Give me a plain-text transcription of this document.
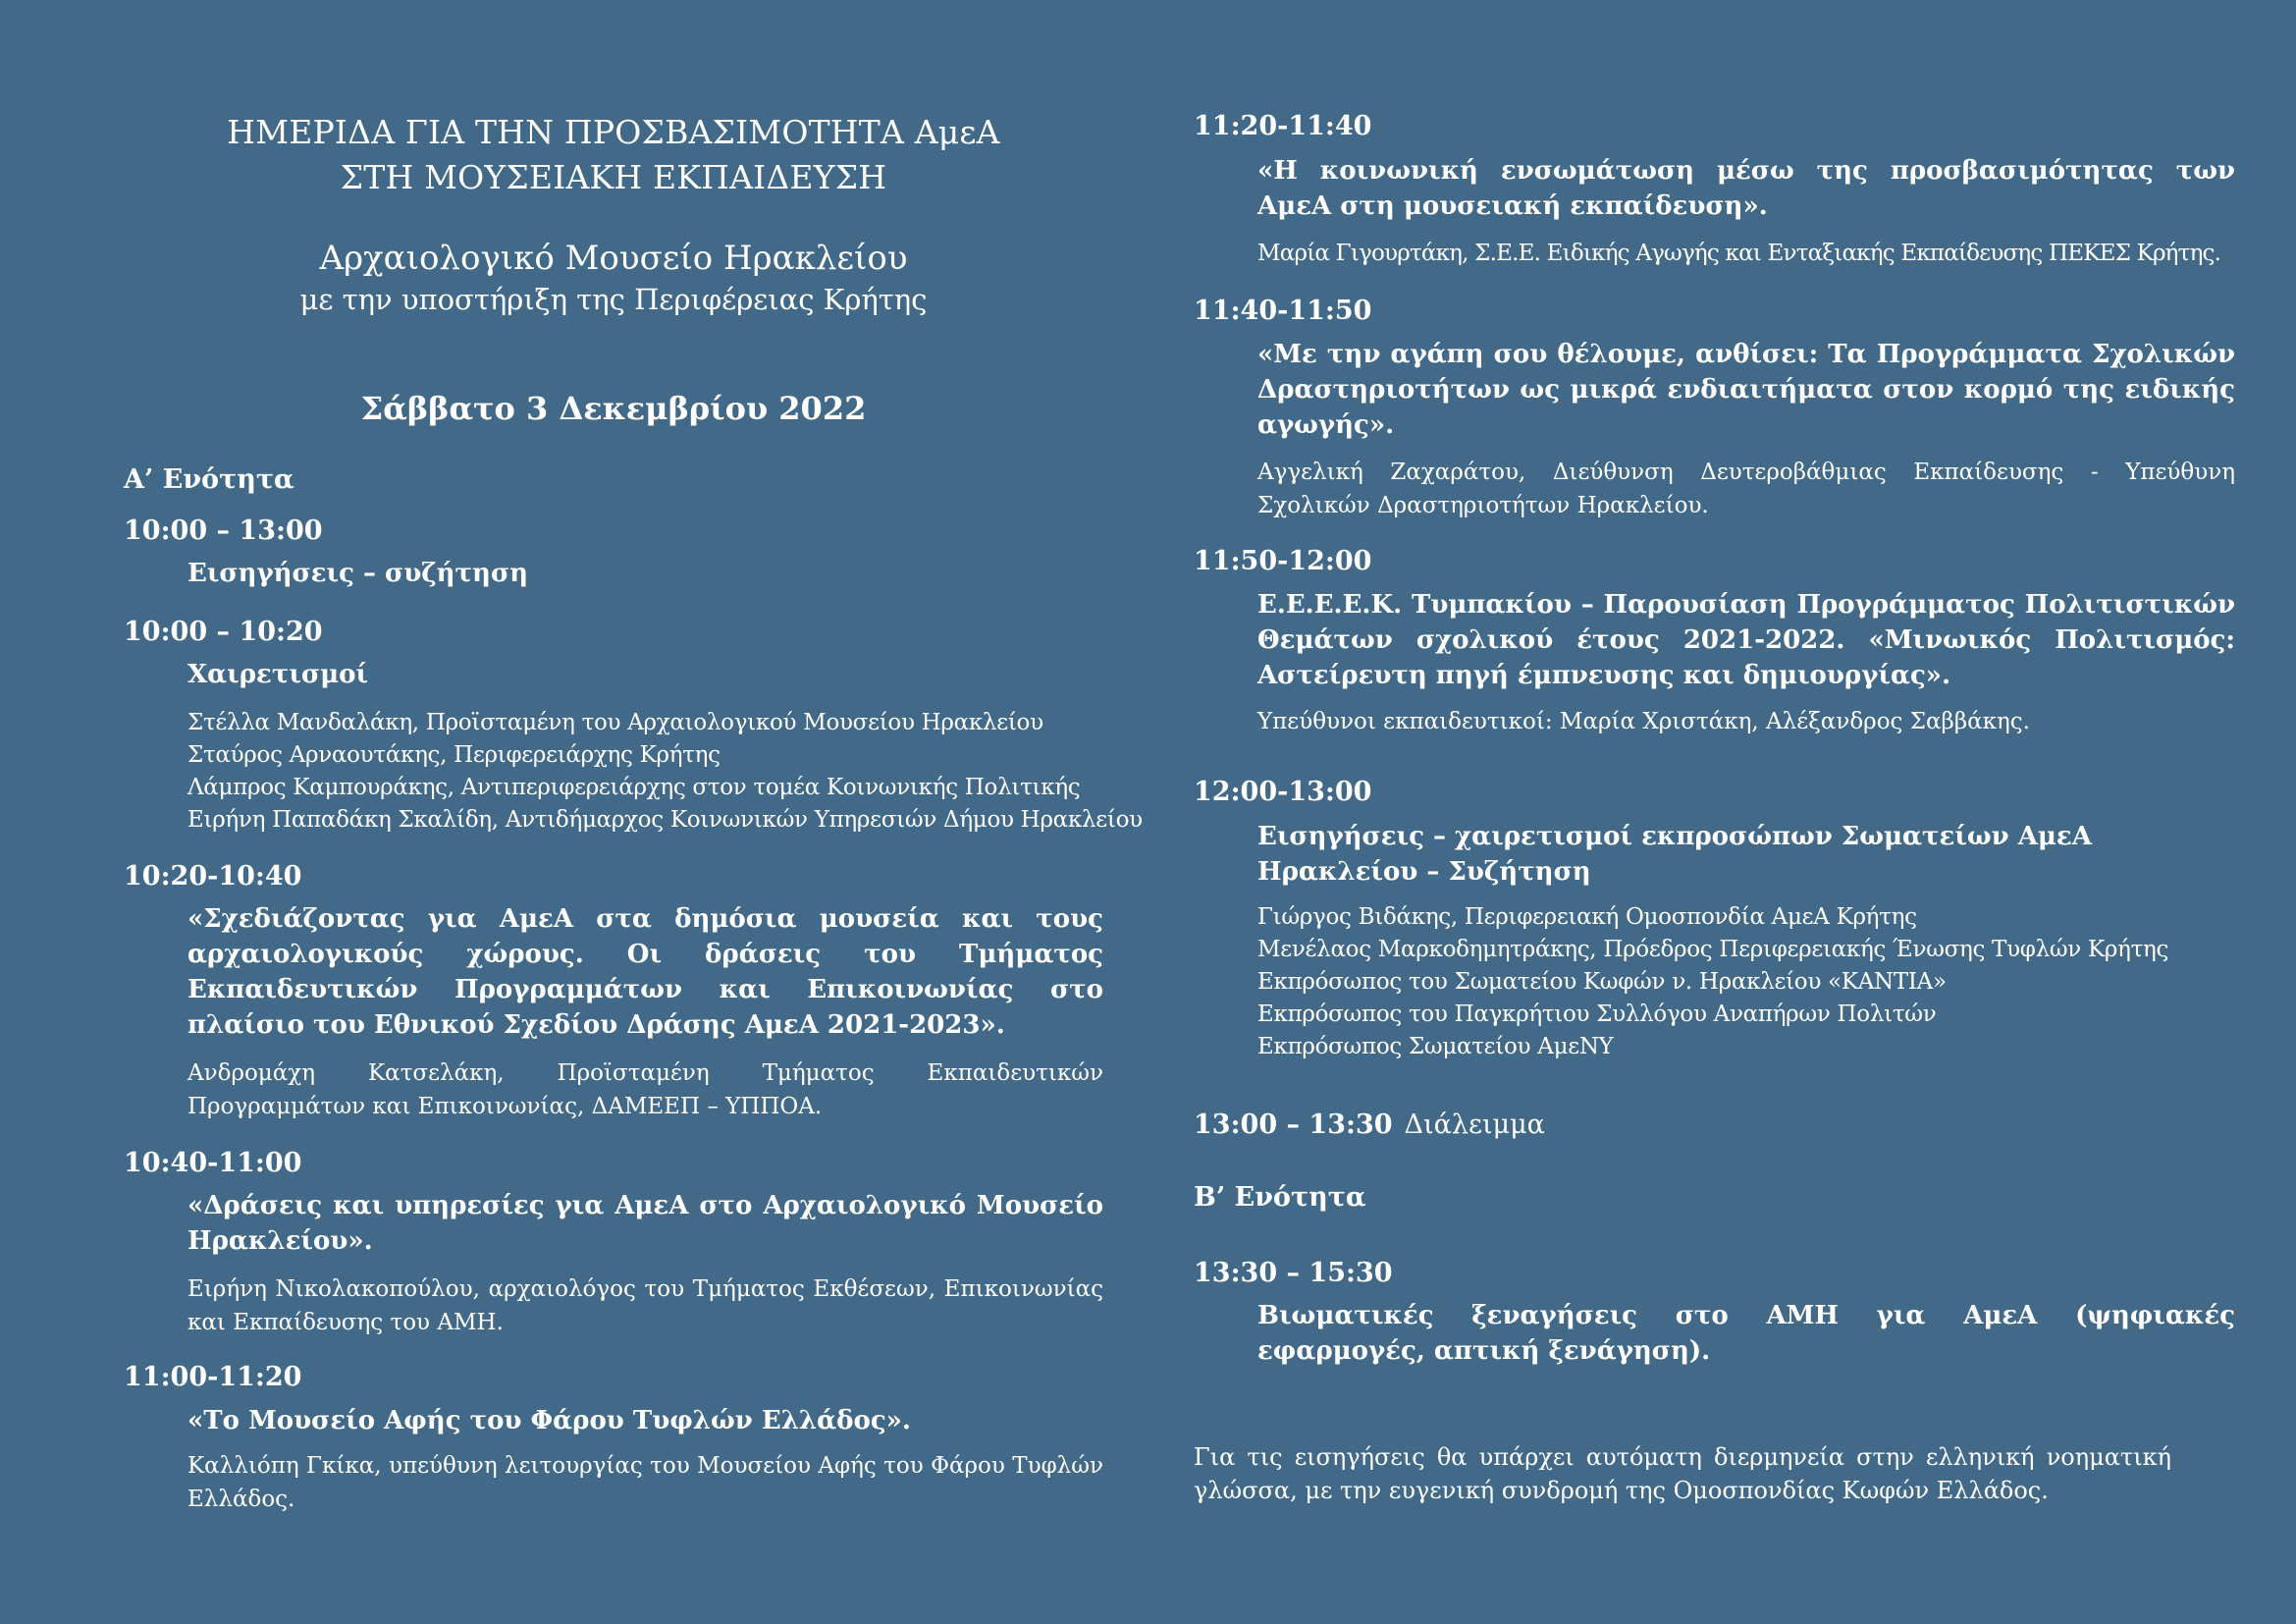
ΗΜΕΡΙΔΑ ΓΙΑ ΤΗΝ ΠΡΟΣΒΑΣΙΜΟΤΗΤΑ ΑμεΑ
ΣΤΗ ΜΟΥΣΕΙΑΚΗ ΕΚΠΑΙΔΕΥΣΗ
Αρχαιολογικό Μουσείο Ηρακλείου
με την υποστήριξη της Περιφέρειας Κρήτης
Σάββατο 3 Δεκεμβρίου 2022
Α’ Ενότητα
10:00 – 13:00
Εισηγήσεις – συζήτηση
10:00 – 10:20
Χαιρετισμοί
Στέλλα Μανδαλάκη, Προϊσταμένη του Αρχαιολογικού Μουσείου Ηρακλείου
Σταύρος Αρναουτάκης, Περιφερειάρχης Κρήτης
Λάμπρος Καμπουράκης, Αντιπεριφερειάρχης στον τομέα Κοινωνικής Πολιτικής
Ειρήνη Παπαδάκη Σκαλίδη, Αντιδήμαρχος Κοινωνικών Υπηρεσιών Δήμου Ηρακλείου
10:20-10:40
«Σχεδιάζοντας για ΑμεΑ στα δημόσια μουσεία και τους αρχαιολογικούς χώρους. Οι δράσεις του Τμήματος Εκπαιδευτικών Προγραμμάτων και Επικοινωνίας στο πλαίσιο του Εθνικού Σχεδίου Δράσης ΑμεΑ 2021-2023».
Ανδρομάχη Κατσελάκη, Προϊσταμένη Τμήματος Εκπαιδευτικών Προγραμμάτων και Επικοινωνίας, ΔΑΜΕΕΠ – ΥΠΠΟΑ.
10:40-11:00
«Δράσεις και υπηρεσίες για ΑμεΑ στο Αρχαιολογικό Μουσείο Ηρακλείου».
Ειρήνη Νικολακοπούλου, αρχαιολόγος του Τμήματος Εκθέσεων, Επικοινωνίας και Εκπαίδευσης του ΑΜΗ.
11:00-11:20
«Το Μουσείο Αφής του Φάρου Τυφλών Ελλάδος».
Καλλιόπη Γκίκα, υπεύθυνη λειτουργίας του Μουσείου Αφής του Φάρου Τυφλών Ελλάδος.
11:20-11:40
«Η κοινωνική ενσωμάτωση μέσω της προσβασιμότητας των ΑμεΑ στη μουσειακή εκπαίδευση».
Μαρία Γιγουρτάκη, Σ.Ε.Ε. Ειδικής Αγωγής και Ενταξιακής Εκπαίδευσης ΠΕΚΕΣ Κρήτης.
11:40-11:50
«Με την αγάπη σου θέλουμε, ανθίσει: Τα Προγράμματα Σχολικών Δραστηριοτήτων ως μικρά ενδιαιτήματα στον κορμό της ειδικής αγωγής».
Αγγελική Ζαχαράτου, Διεύθυνση Δευτεροβάθμιας Εκπαίδευσης - Υπεύθυνη Σχολικών Δραστηριοτήτων Ηρακλείου.
11:50-12:00
Ε.Ε.Ε.Ε.Κ. Τυμπακίου – Παρουσίαση Προγράμματος Πολιτιστικών Θεμάτων σχολικού έτους 2021-2022. «Μινωικός Πολιτισμός: Αστείρευτη πηγή έμπνευσης και δημιουργίας».
Υπεύθυνοι εκπαιδευτικοί: Μαρία Χριστάκη, Αλέξανδρος Σαββάκης.
12:00-13:00
Εισηγήσεις – χαιρετισμοί εκπροσώπων Σωματείων ΑμεΑ
Ηρακλείου – Συζήτηση
Γιώργος Βιδάκης, Περιφερειακή Ομοσπονδία ΑμεΑ Κρήτης
Μενέλαος Μαρκοδημητράκης, Πρόεδρος Περιφερειακής Ένωσης Τυφλών Κρήτης
Εκπρόσωπος του Σωματείου Κωφών ν. Ηρακλείου «ΚΑΝΤΙΑ»
Εκπρόσωπος του Παγκρήτιου Συλλόγου Αναπήρων Πολιτών
Εκπρόσωπος Σωματείου ΑμεΝΥ
13:00 – 13:30 Διάλειμμα
Β’ Ενότητα
13:30 – 15:30
Βιωματικές ξεναγήσεις στο ΑΜΗ για ΑμεΑ (ψηφιακές εφαρμογές, απτική ξενάγηση).
Για τις εισηγήσεις θα υπάρχει αυτόματη διερμηνεία στην ελληνική νοηματική γλώσσα, με την ευγενική συνδρομή της Ομοσπονδίας Κωφών Ελλάδος.
